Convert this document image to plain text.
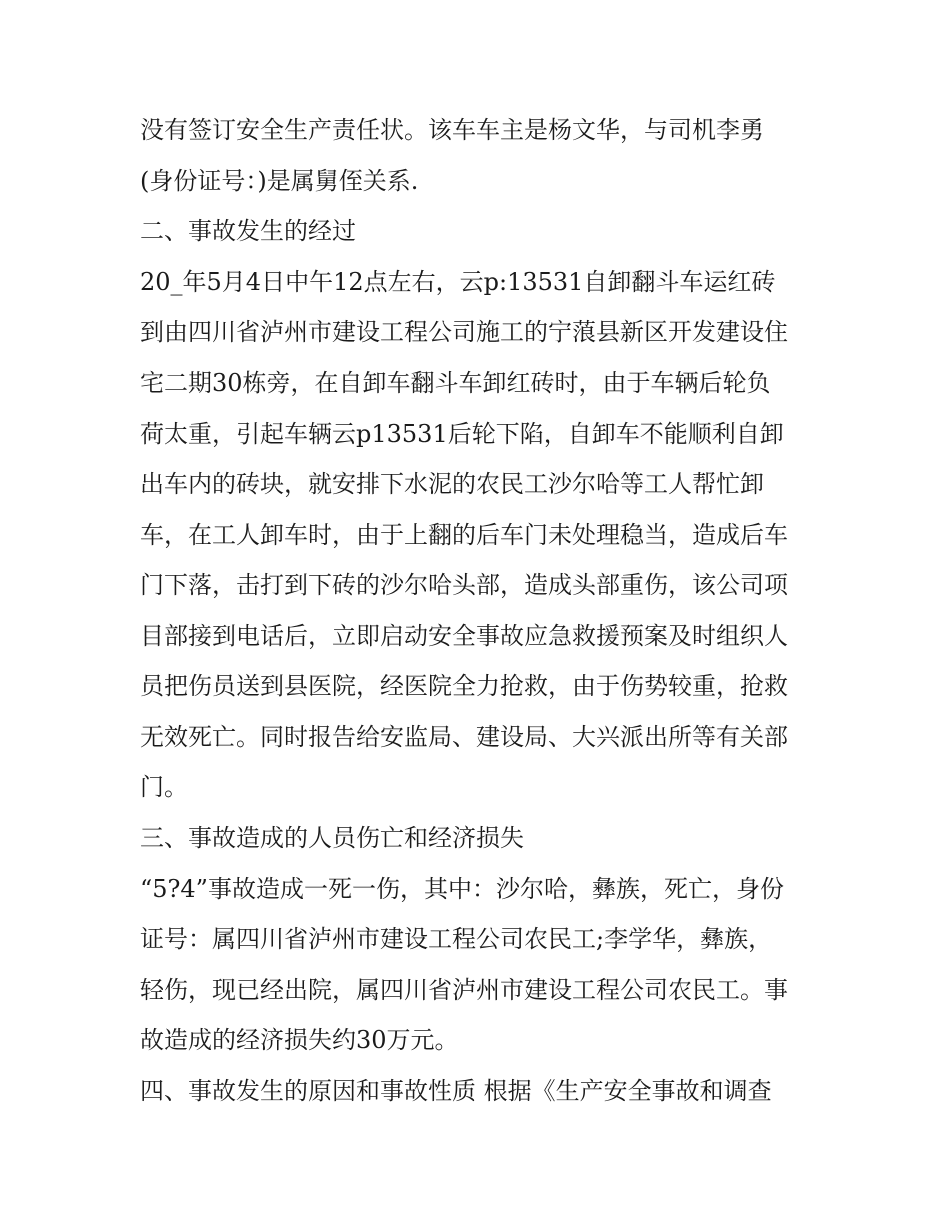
没有签订安全生产责任状。该车车主是杨文华，与司机李勇
(身份证号：)是属舅侄关系.
二、事故发生的经过
20_年5月4日中午12点左右，云p:13531自卸翻斗车运红砖
到由四川省泸州市建设工程公司施工的宁蒗县新区开发建设住
宅二期30栋旁，在自卸车翻斗车卸红砖时，由于车辆后轮负
荷太重，引起车辆云p13531后轮下陷，自卸车不能顺利自卸
出车内的砖块，就安排下水泥的农民工沙尔哈等工人帮忙卸
车，在工人卸车时，由于上翻的后车门未处理稳当，造成后车
门下落，击打到下砖的沙尔哈头部，造成头部重伤，该公司项
目部接到电话后，立即启动安全事故应急救援预案及时组织人
员把伤员送到县医院，经医院全力抢救，由于伤势较重，抢救
无效死亡。同时报告给安监局、建设局、大兴派出所等有关部
门。
三、事故造成的人员伤亡和经济损失
“5?4”事故造成一死一伤，其中：沙尔哈，彝族，死亡，身份
证号：属四川省泸州市建设工程公司农民工;李学华，彝族，
轻伤，现已经出院，属四川省泸州市建设工程公司农民工。事
故造成的经济损失约30万元。
四、事故发生的原因和事故性质 根据《生产安全事故和调查
